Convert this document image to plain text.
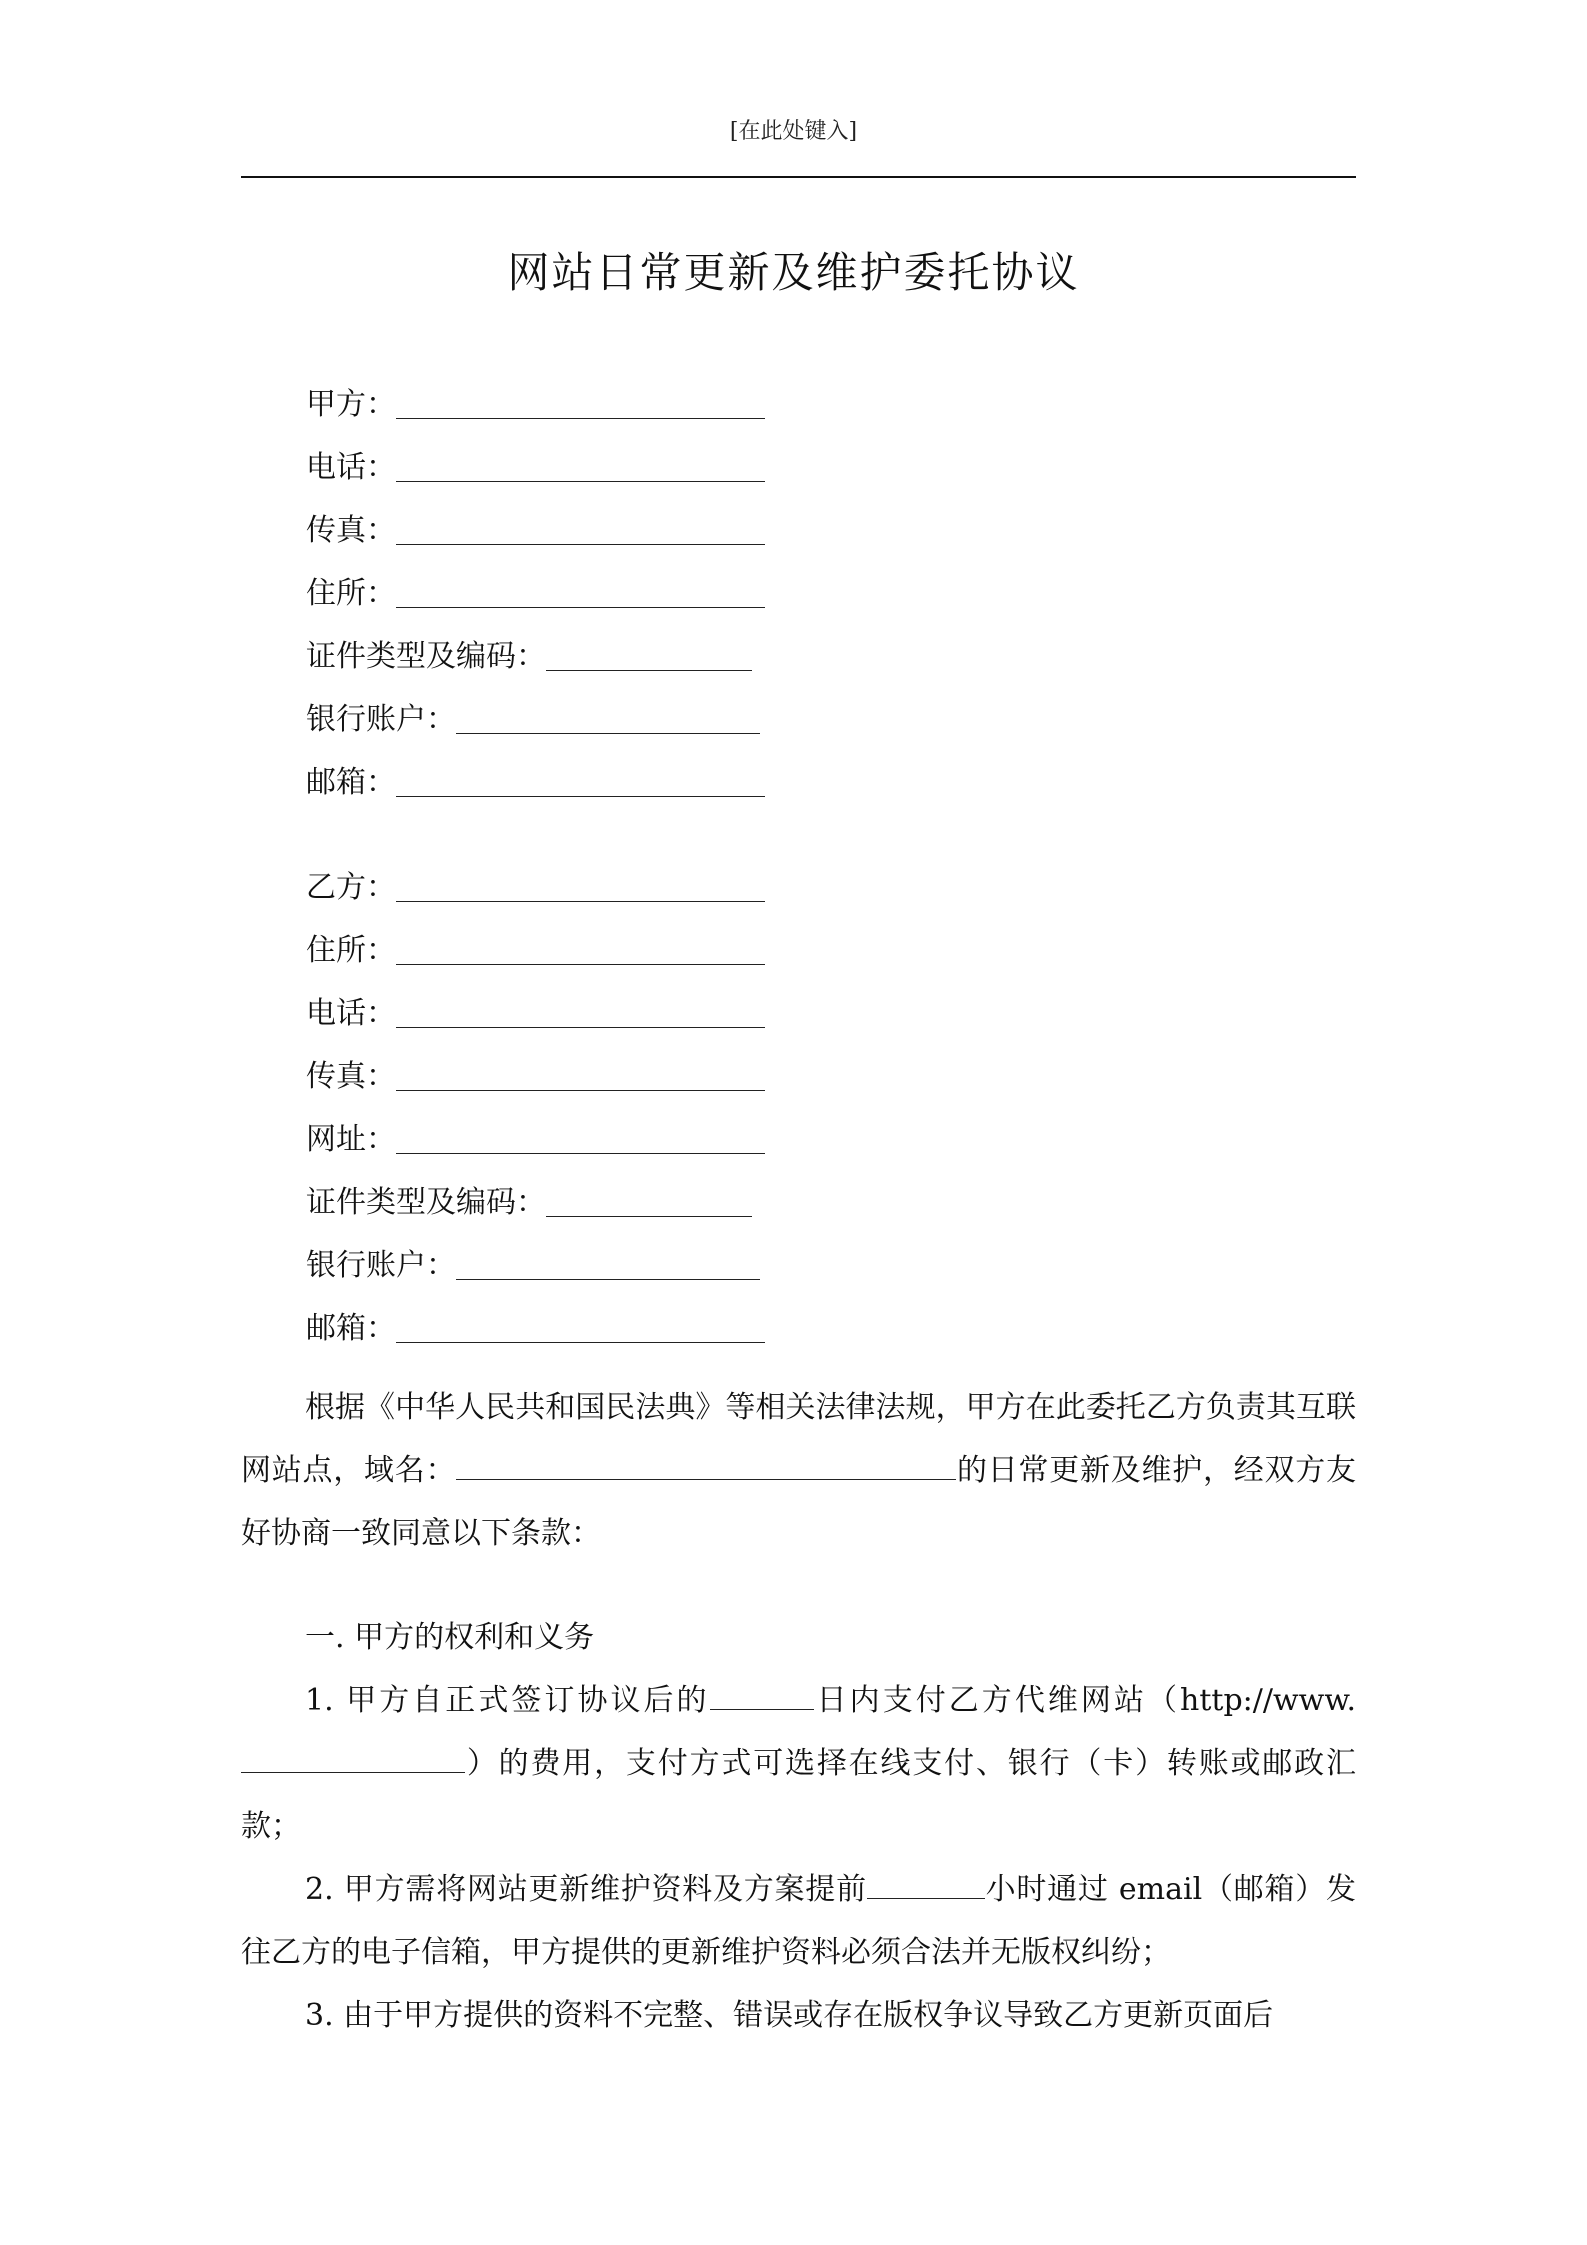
[在此处键入]
网站日常更新及维护委托协议
甲方：
电话：
传真：
住所：
证件类型及编码：
银行账户：
邮箱：
乙方：
住所：
电话：
传真：
网址：
证件类型及编码：
银行账户：
邮箱：
根据《中华人民共和国民法典》等相关法律法规，甲方在此委托乙方负责其互联网站点，域名：	的日常更新及维护，经双方友好协商一致同意以下条款：
一. 甲方的权利和义务
1. 甲方自正式签订协议后的	日内支付乙方代维网站（http://www.）的费用，支付方式可选择在线支付、银行（卡）转账或邮政汇款；
2. 甲方需将网站更新维护资料及方案提前	小时通过 email（邮箱）发往乙方的电子信箱，甲方提供的更新维护资料必须合法并无版权纠纷；
3. 由于甲方提供的资料不完整、错误或存在版权争议导致乙方更新页面后
